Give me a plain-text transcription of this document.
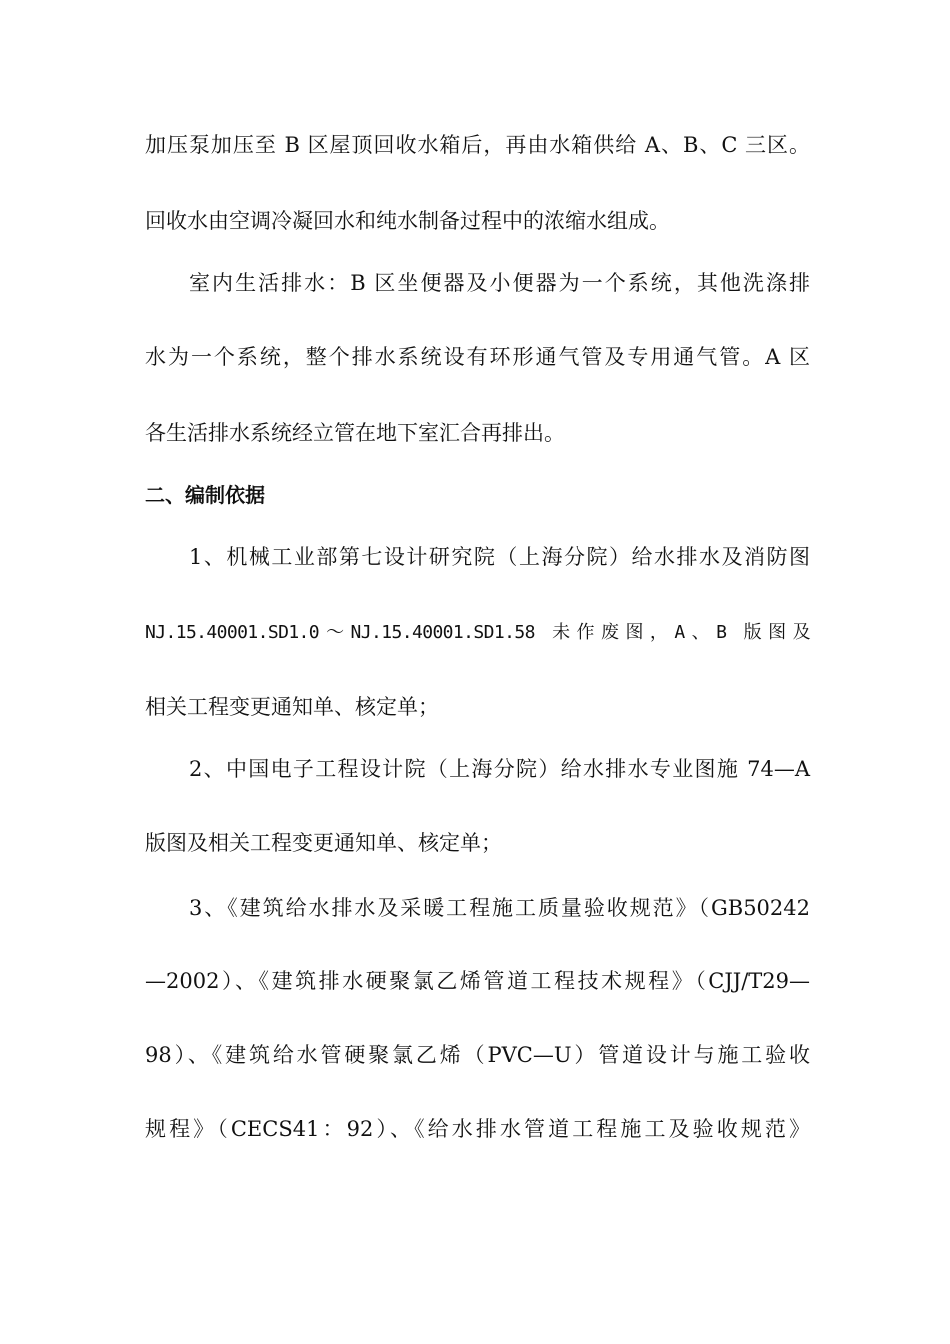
加压泵加压至 B 区屋顶回收水箱后，再由水箱供给 A、B、C 三区。
回收水由空调冷凝回水和纯水制备过程中的浓缩水组成。
室内生活排水：B 区坐便器及小便器为一个系统，其他洗涤排
水为一个系统，整个排水系统设有环形通气管及专用通气管。A 区
各生活排水系统经立管在地下室汇合再排出。
二、编制依据
1、机械工业部第七设计研究院（上海分院）给水排水及消防图
NJ.15.40001.SD1.0～NJ.15.40001.SD1.58 未作废图，A、B 版图及
相关工程变更通知单、核定单；
2、中国电子工程设计院（上海分院）给水排水专业图施 74—A
版图及相关工程变更通知单、核定单；
3、《建筑给水排水及采暖工程施工质量验收规范》（GB50242
—2002）、《建筑排水硬聚氯乙烯管道工程技术规程》（CJJ/T29—
98）、《建筑给水管硬聚氯乙烯（PVC—U）管道设计与施工验收
规程》（CECS41：92）、《给水排水管道工程施工及验收规范》
